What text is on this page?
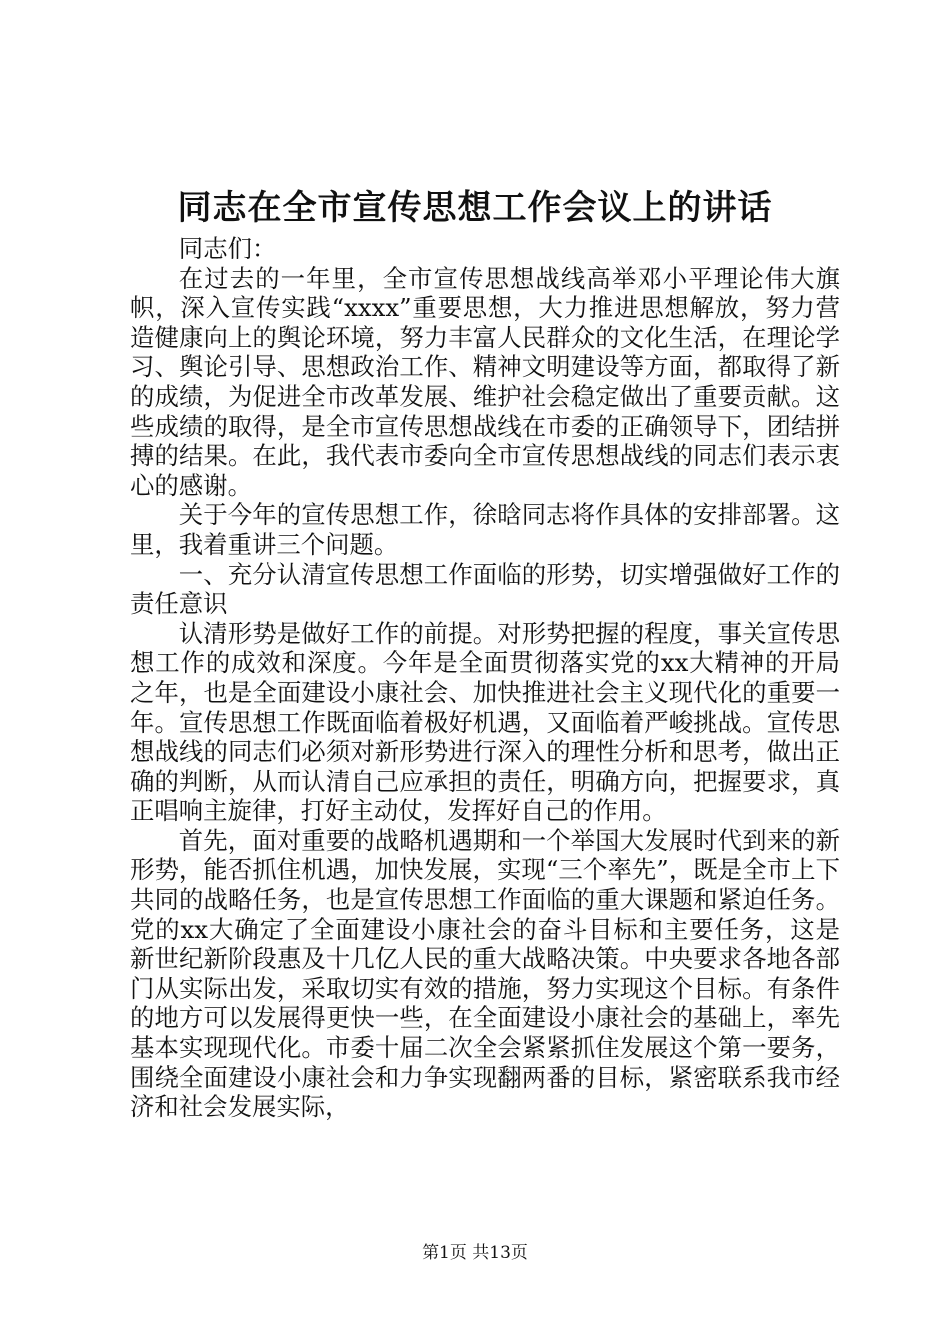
同志在全市宣传思想工作会议上的讲话

同志们：

在过去的一年里，全市宣传思想战线高举邓小平理论伟大旗帜，深入宣传实践“xxxx”重要思想，大力推进思想解放，努力营造健康向上的舆论环境，努力丰富人民群众的文化生活，在理论学习、舆论引导、思想政治工作、精神文明建设等方面，都取得了新的成绩，为促进全市改革发展、维护社会稳定做出了重要贡献。这些成绩的取得，是全市宣传思想战线在市委的正确领导下，团结拼搏的结果。在此，我代表市委向全市宣传思想战线的同志们表示衷心的感谢。

关于今年的宣传思想工作，徐晗同志将作具体的安排部署。这里，我着重讲三个问题。

一、充分认清宣传思想工作面临的形势，切实增强做好工作的责任意识

认清形势是做好工作的前提。对形势把握的程度，事关宣传思想工作的成效和深度。今年是全面贯彻落实党的xx大精神的开局之年，也是全面建设小康社会、加快推进社会主义现代化的重要一年。宣传思想工作既面临着极好机遇，又面临着严峻挑战。宣传思想战线的同志们必须对新形势进行深入的理性分析和思考，做出正确的判断，从而认清自己应承担的责任，明确方向，把握要求，真正唱响主旋律，打好主动仗，发挥好自己的作用。

首先，面对重要的战略机遇期和一个举国大发展时代到来的新形势，能否抓住机遇，加快发展，实现“三个率先”，既是全市上下共同的战略任务，也是宣传思想工作面临的重大课题和紧迫任务。党的xx大确定了全面建设小康社会的奋斗目标和主要任务，这是新世纪新阶段惠及十几亿人民的重大战略决策。中央要求各地各部门从实际出发，采取切实有效的措施，努力实现这个目标。有条件的地方可以发展得更快一些，在全面建设小康社会的基础上，率先基本实现现代化。市委十届二次全会紧紧抓住发展这个第一要务，围绕全面建设小康社会和力争实现翻两番的目标，紧密联系我市经济和社会发展实际，

第1页 共13页
